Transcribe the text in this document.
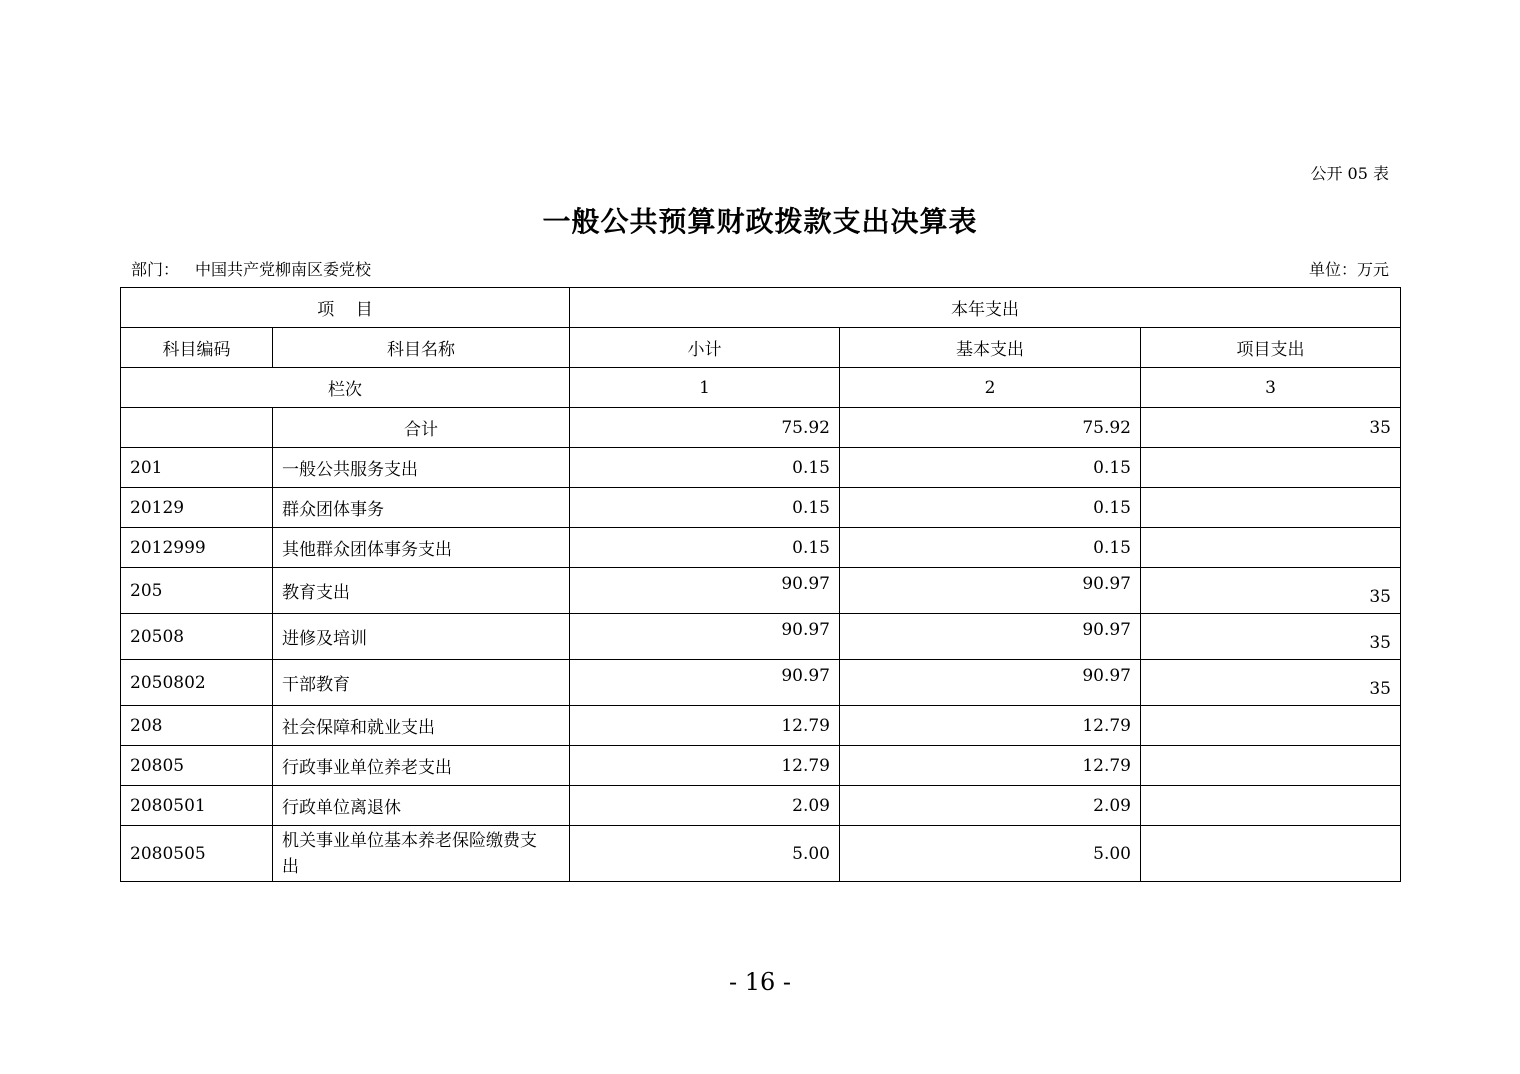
公开 05 表
一般公共预算财政拨款支出决算表
部门： 中国共产党柳南区委党校	单位：万元
项    目		本年支出		
科目编码	科目名称	小计	基本支出	项目支出
栏次		1	2	3
	合计	75.92	75.92	35
201	一般公共服务支出	0.15	0.15	
20129	群众团体事务	0.15	0.15	
2012999	其他群众团体事务支出	0.15	0.15	
205	教育支出	90.97	90.97	35
20508	进修及培训	90.97	90.97	35
2050802	干部教育	90.97	90.97	35
208	社会保障和就业支出	12.79	12.79	
20805	行政事业单位养老支出	12.79	12.79	
2080501	行政单位离退休	2.09	2.09	
2080505	机关事业单位基本养老保险缴费支出	5.00	5.00	
- 16 -
